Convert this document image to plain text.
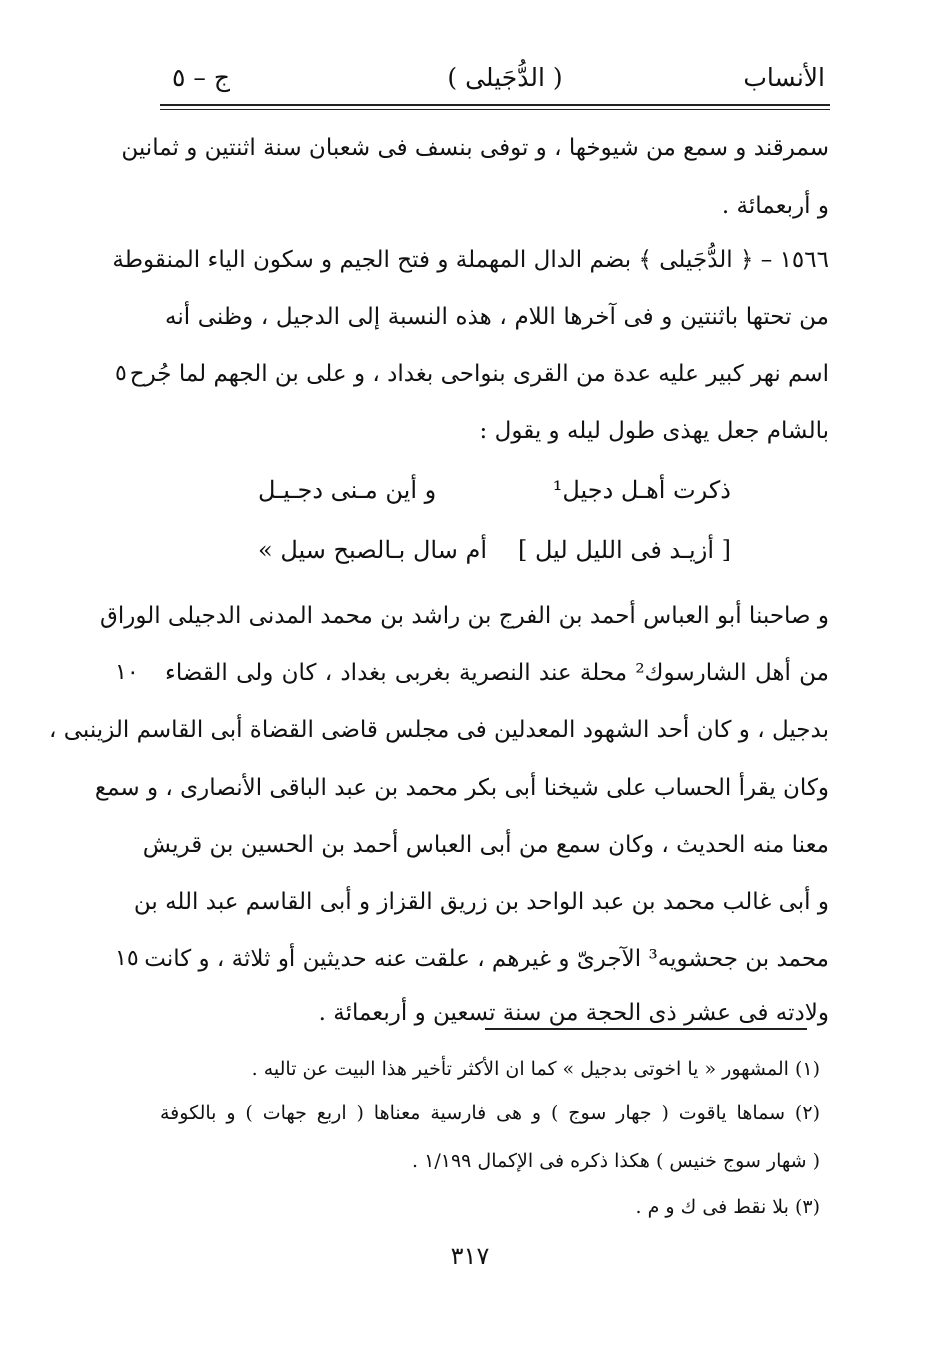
ج – ٥	( الدُّجَيلى )	الأنساب
سمرقند و سمع من شيوخها ، و توفى بنسف فى شعبان سنة اثنتين و ثمانين
و أربعمائة .
١٥٦٦ – ﴿ الدُّجَيلى ﴾ بضم الدال المهملة و فتح الجيم و سكون الياء المنقوطة
من تحتها باثنتين و فى آخرها اللام ، هذه النسبة إلى الدجيل ، وظنى أنه
اسم نهر كبير عليه عدة من القرى بنواحى بغداد ، و على بن الجهم لما جُرح
بالشام جعل يهذى طول ليله و يقول :
٥
ذكرت أهـل دجيل¹
و أين مـنى دجـيـل
[ أزيـد فى الليل ليل ]
أم سال بـالصبح سيل »
و صاحبنا أبو العباس أحمد بن الفرج بن راشد بن محمد المدنى الدجيلى الوراق
من أهل الشارسوك² محلة عند النصرية بغربى بغداد ، كان ولى القضاء
بدجيل ، و كان أحد الشهود المعدلين فى مجلس قاضى القضاة أبى القاسم الزينبى ،
وكان يقرأ الحساب على شيخنا أبى بكر محمد بن عبد الباقى الأنصارى ، و سمع
معنا منه الحديث ، وكان سمع من أبى العباس أحمد بن الحسين بن قريش
و أبى غالب محمد بن عبد الواحد بن زريق القزاز و أبى القاسم عبد الله بن
محمد بن جحشويه³ الآجرىّ و غيرهم ، علقت عنه حديثين أو ثلاثة ، و كانت
ولادته فى عشر ذى الحجة من سنة تسعين و أربعمائة .
١٠
١٥
(١) المشهور « يا اخوتى بدجيل » كما ان الأكثر تأخير هذا البيت عن تاليه .
(٢) سماها ياقوت ( جهار سوج ) و هى فارسية معناها ( اربع جهات ) و بالكوفة
( شهار سوج خنيس ) هكذا ذكره فى الإكمال ١/١٩٩ .
(٣) بلا نقط فى ك و م .
٣١٧
